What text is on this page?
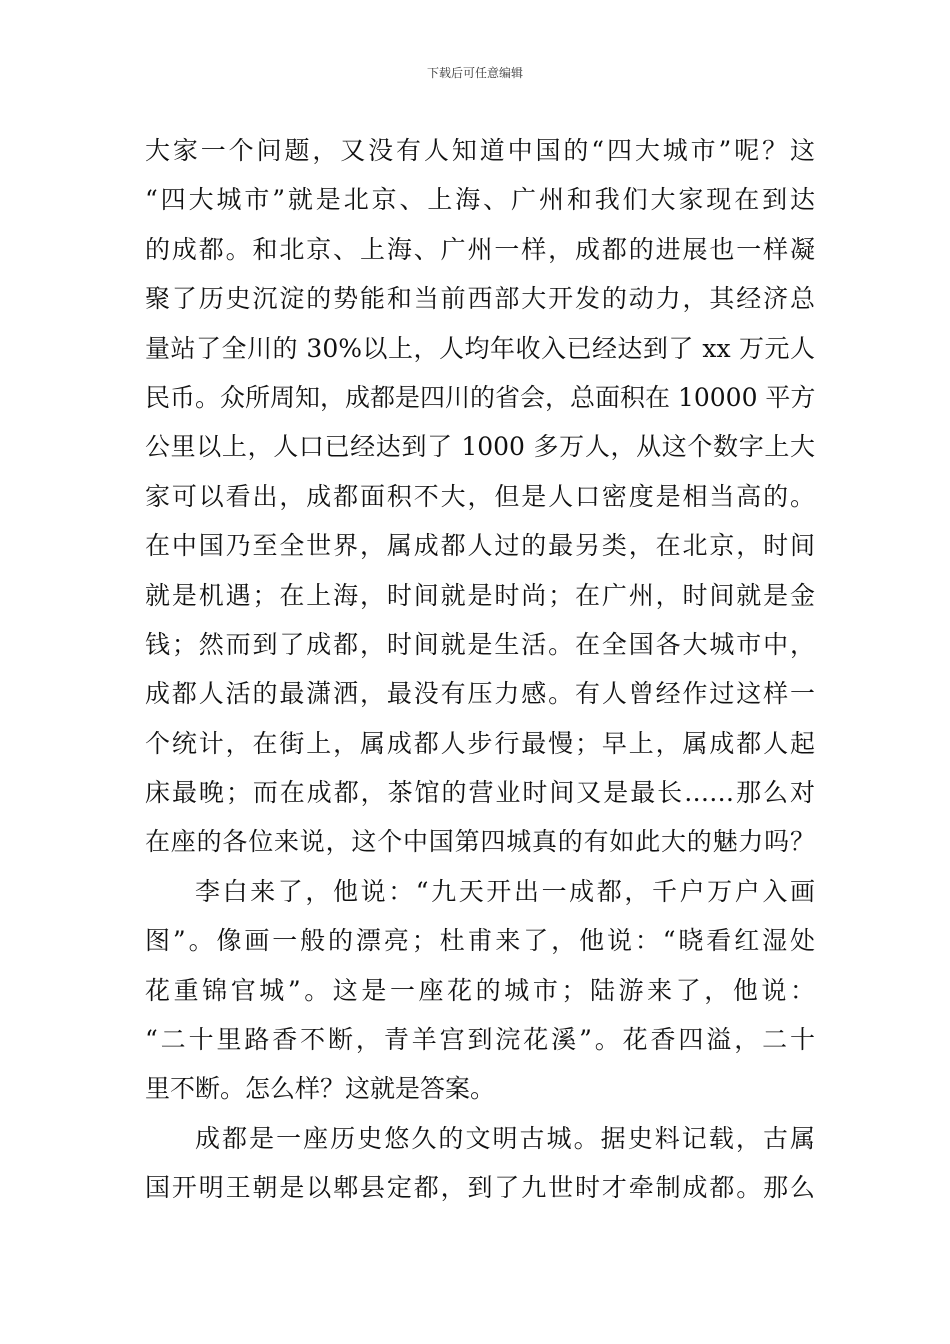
下载后可任意编辑
大家一个问题，又没有人知道中国的“四大城市”呢？这
“四大城市”就是北京、上海、广州和我们大家现在到达
的成都。和北京、上海、广州一样，成都的进展也一样凝
聚了历史沉淀的势能和当前西部大开发的动力，其经济总
量站了全川的 30%以上，人均年收入已经达到了 xx 万元人
民币。众所周知，成都是四川的省会，总面积在 10000 平方
公里以上，人口已经达到了 1000 多万人，从这个数字上大
家可以看出，成都面积不大，但是人口密度是相当高的。
在中国乃至全世界，属成都人过的最另类，在北京，时间
就是机遇；在上海，时间就是时尚；在广州，时间就是金
钱；然而到了成都，时间就是生活。在全国各大城市中，
成都人活的最潇洒，最没有压力感。有人曾经作过这样一
个统计，在街上，属成都人步行最慢；早上，属成都人起
床最晚；而在成都，茶馆的营业时间又是最长……那么对
在座的各位来说，这个中国第四城真的有如此大的魅力吗？
李白来了，他说：“九天开出一成都，千户万户入画
图”。像画一般的漂亮；杜甫来了，他说：“晓看红湿处
花重锦官城”。这是一座花的城市；陆游来了，他说：
“二十里路香不断，青羊宫到浣花溪”。花香四溢，二十
里不断。怎么样？这就是答案。
成都是一座历史悠久的文明古城。据史料记载，古属
国开明王朝是以郫县定都，到了九世时才牵制成都。那么
